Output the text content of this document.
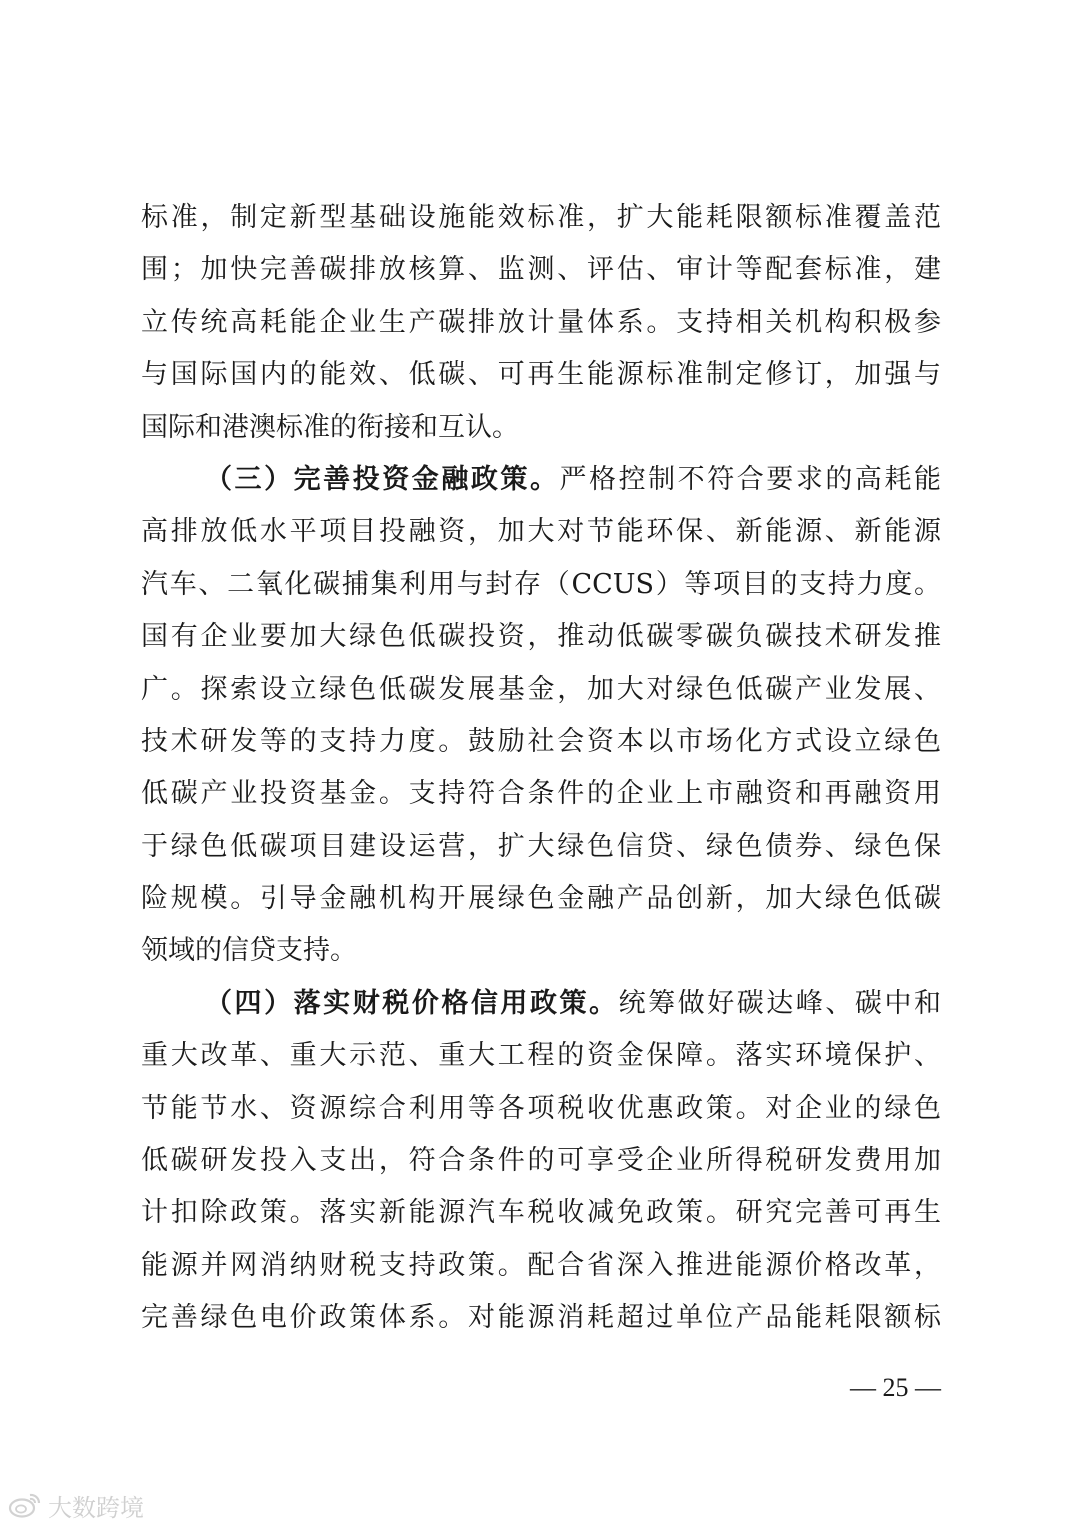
标准，制定新型基础设施能效标准，扩大能耗限额标准覆盖范
围；加快完善碳排放核算、监测、评估、审计等配套标准，建
立传统高耗能企业生产碳排放计量体系。支持相关机构积极参
与国际国内的能效、低碳、可再生能源标准制定修订，加强与
国际和港澳标准的衔接和互认。
（三）完善投资金融政策。严格控制不符合要求的高耗能
高排放低水平项目投融资，加大对节能环保、新能源、新能源
汽车、二氧化碳捕集利用与封存（CCUS）等项目的支持力度。
国有企业要加大绿色低碳投资，推动低碳零碳负碳技术研发推
广。探索设立绿色低碳发展基金，加大对绿色低碳产业发展、
技术研发等的支持力度。鼓励社会资本以市场化方式设立绿色
低碳产业投资基金。支持符合条件的企业上市融资和再融资用
于绿色低碳项目建设运营，扩大绿色信贷、绿色债券、绿色保
险规模。引导金融机构开展绿色金融产品创新，加大绿色低碳
领域的信贷支持。
（四）落实财税价格信用政策。统筹做好碳达峰、碳中和
重大改革、重大示范、重大工程的资金保障。落实环境保护、
节能节水、资源综合利用等各项税收优惠政策。对企业的绿色
低碳研发投入支出，符合条件的可享受企业所得税研发费用加
计扣除政策。落实新能源汽车税收减免政策。研究完善可再生
能源并网消纳财税支持政策。配合省深入推进能源价格改革，
完善绿色电价政策体系。对能源消耗超过单位产品能耗限额标
— 25 —
大数跨境
